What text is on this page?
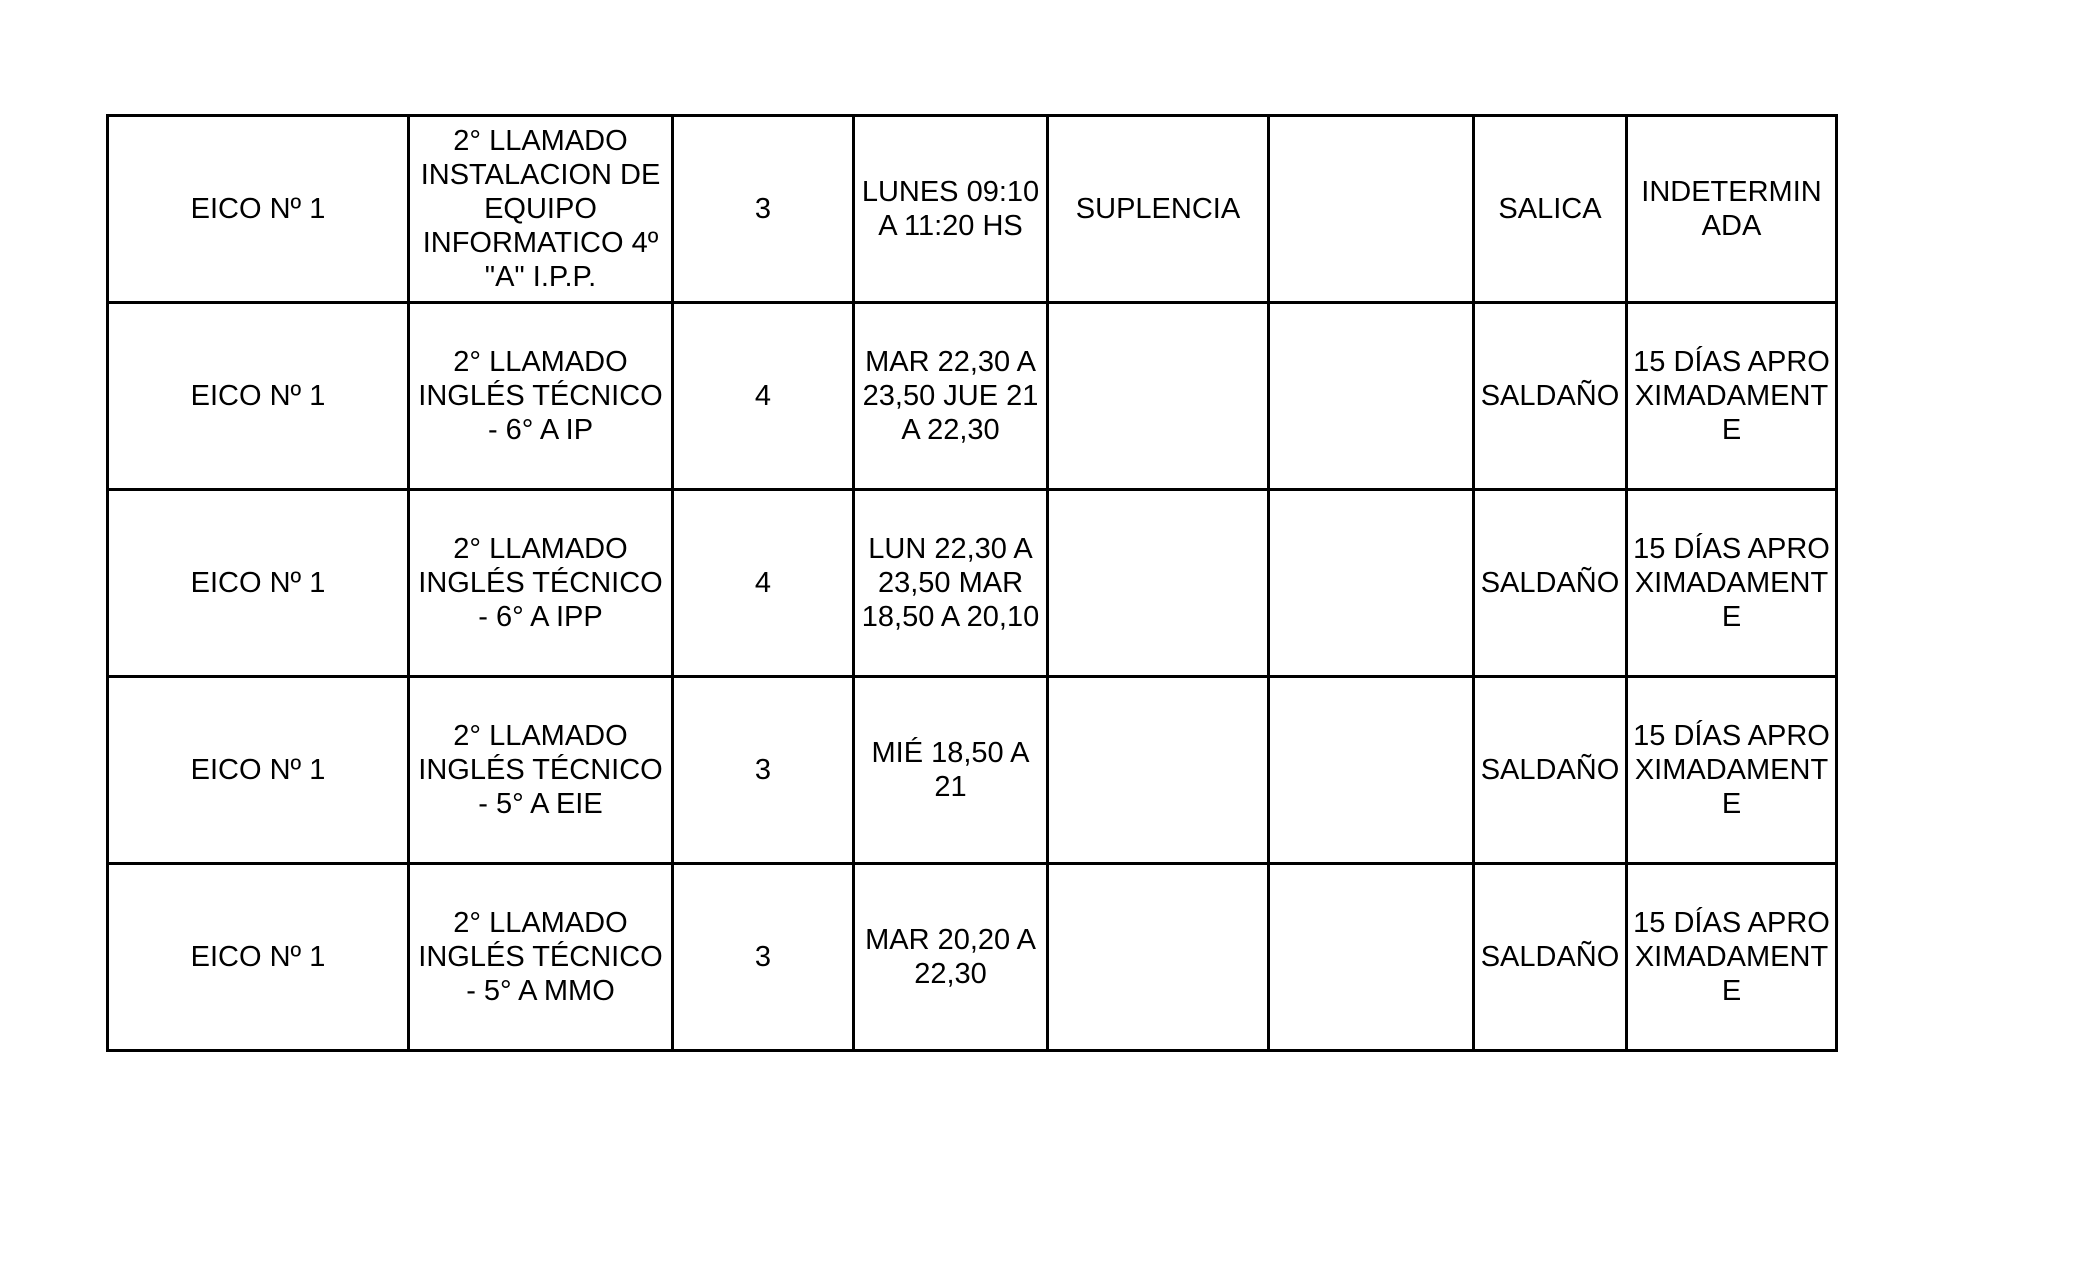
EICO Nº 1	2° LLAMADO INSTALACION DE EQUIPO INFORMATICO 4º "A" I.P.P.	3	LUNES 09:10 A 11:20 HS	SUPLENCIA		SALICA	INDETERMINADA
EICO Nº 1	2° LLAMADO INGLÉS TÉCNICO - 6° A IP	4	MAR 22,30 A 23,50 JUE 21 A 22,30			SALDAÑO	15 DÍAS APROXIMADAMENTE
EICO Nº 1	2° LLAMADO INGLÉS TÉCNICO - 6° A IPP	4	LUN 22,30 A 23,50 MAR 18,50 A 20,10			SALDAÑO	15 DÍAS APROXIMADAMENTE
EICO Nº 1	2° LLAMADO INGLÉS TÉCNICO - 5° A EIE	3	MIÉ 18,50 A 21			SALDAÑO	15 DÍAS APROXIMADAMENTE
EICO Nº 1	2° LLAMADO INGLÉS TÉCNICO - 5° A MMO	3	MAR 20,20 A 22,30			SALDAÑO	15 DÍAS APROXIMADAMENTE
